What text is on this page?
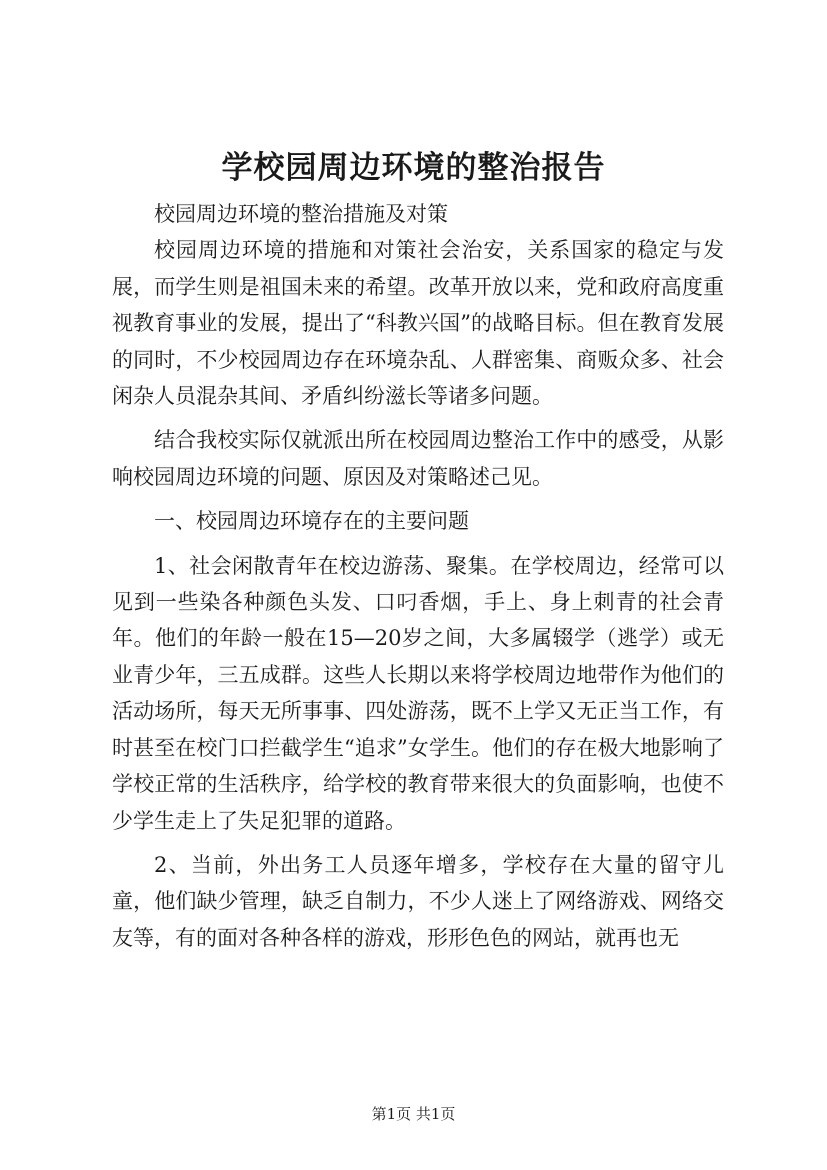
学校园周边环境的整治报告

校园周边环境的整治措施及对策

校园周边环境的措施和对策社会治安，关系国家的稳定与发展，而学生则是祖国未来的希望。改革开放以来，党和政府高度重视教育事业的发展，提出了“科教兴国”的战略目标。但在教育发展的同时，不少校园周边存在环境杂乱、人群密集、商贩众多、社会闲杂人员混杂其间、矛盾纠纷滋长等诸多问题。

结合我校实际仅就派出所在校园周边整治工作中的感受，从影响校园周边环境的问题、原因及对策略述己见。

一、校园周边环境存在的主要问题

1、社会闲散青年在校边游荡、聚集。在学校周边，经常可以见到一些染各种颜色头发、口叼香烟，手上、身上刺青的社会青年。他们的年龄一般在15—20岁之间，大多属辍学（逃学）或无业青少年，三五成群。这些人长期以来将学校周边地带作为他们的活动场所，每天无所事事、四处游荡，既不上学又无正当工作，有时甚至在校门口拦截学生“追求”女学生。他们的存在极大地影响了学校正常的生活秩序，给学校的教育带来很大的负面影响，也使不少学生走上了失足犯罪的道路。

2、当前，外出务工人员逐年增多，学校存在大量的留守儿童，他们缺少管理，缺乏自制力，不少人迷上了网络游戏、网络交友等，有的面对各种各样的游戏，形形色色的网站，就再也无

第1页 共1页
